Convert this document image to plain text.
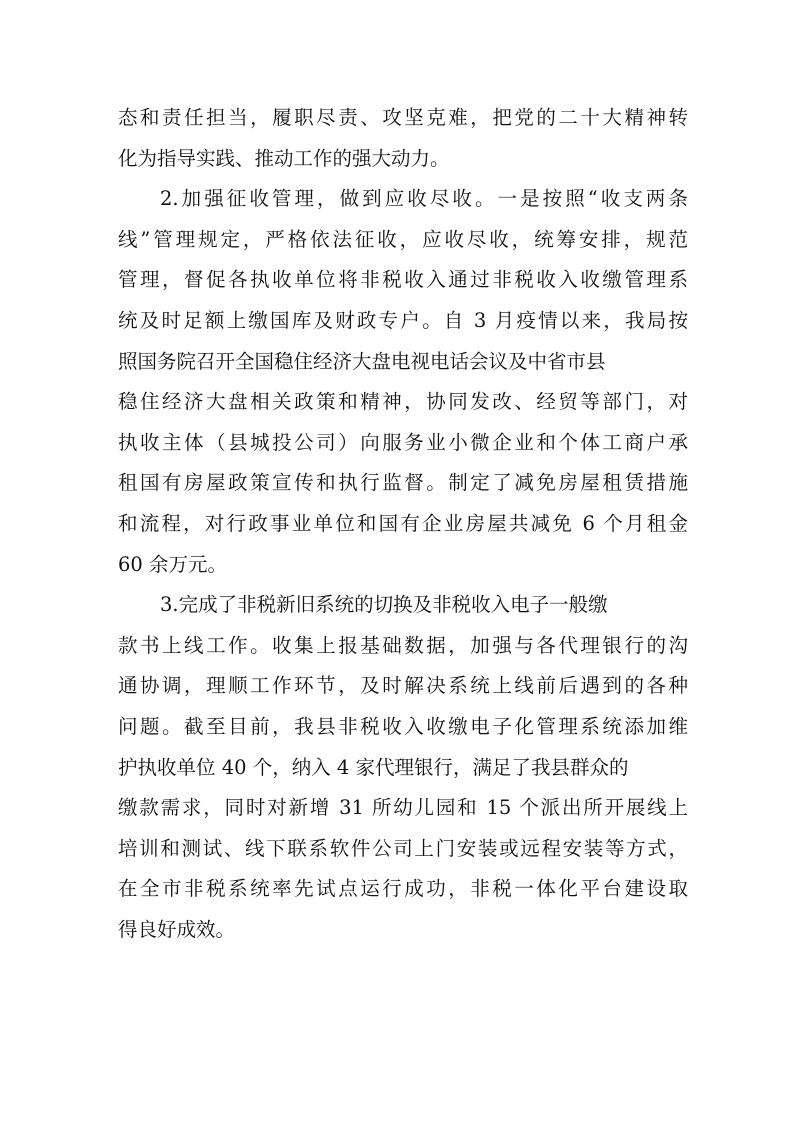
态和责任担当，履职尽责、攻坚克难，把党的二十大精神转
化为指导实践、推动工作的强大动力。
2.加强征收管理，做到应收尽收。一是按照“收支两条
线”管理规定，严格依法征收，应收尽收，统筹安排，规范
管理，督促各执收单位将非税收入通过非税收入收缴管理系
统及时足额上缴国库及财政专户。自 3 月疫情以来，我局按
照国务院召开全国稳住经济大盘电视电话会议及中省市县
稳住经济大盘相关政策和精神，协同发改、经贸等部门，对
执收主体（县城投公司）向服务业小微企业和个体工商户承
租国有房屋政策宣传和执行监督。制定了减免房屋租赁措施
和流程，对行政事业单位和国有企业房屋共减免 6 个月租金
60 余万元。
3.完成了非税新旧系统的切换及非税收入电子一般缴
款书上线工作。收集上报基础数据，加强与各代理银行的沟
通协调，理顺工作环节，及时解决系统上线前后遇到的各种
问题。截至目前，我县非税收入收缴电子化管理系统添加维
护执收单位 40 个，纳入 4 家代理银行，满足了我县群众的
缴款需求，同时对新增 31 所幼儿园和 15 个派出所开展线上
培训和测试、线下联系软件公司上门安装或远程安装等方式，
在全市非税系统率先试点运行成功，非税一体化平台建设取
得良好成效。
